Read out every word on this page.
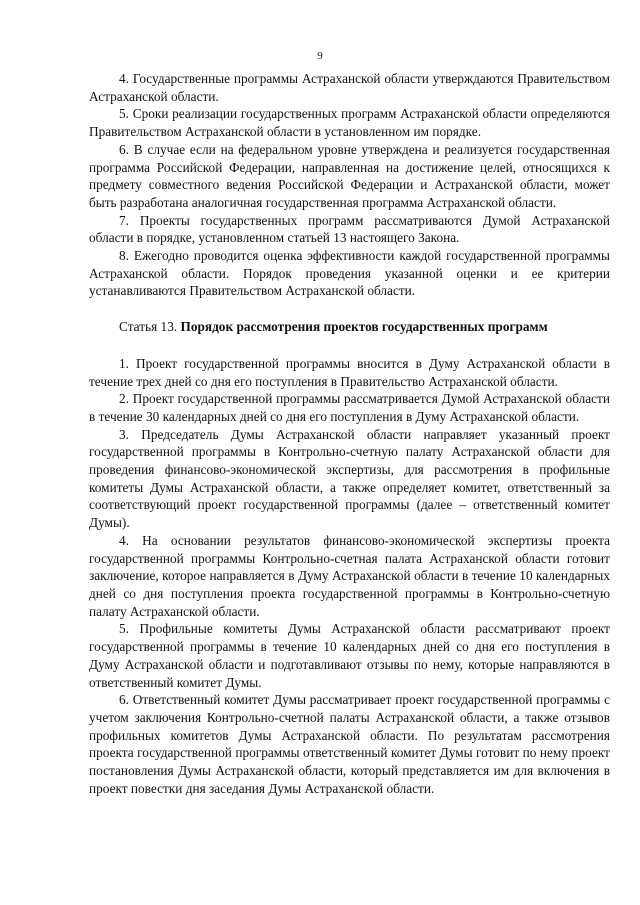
9

4. Государственные программы Астраханской области утверждаются Правительством Астраханской области.

5. Сроки реализации государственных программ Астраханской области определяются Правительством Астраханской области в установленном им порядке.

6. В случае если на федеральном уровне утверждена и реализуется государственная программа Российской Федерации, направленная на достижение целей, относящихся к предмету совместного ведения Российской Федерации и Астраханской области, может быть разработана аналогичная государственная программа Астраханской области.

7. Проекты государственных программ рассматриваются Думой Астраханской области в порядке, установленном статьей 13 настоящего Закона.

8. Ежегодно проводится оценка эффективности каждой государственной программы Астраханской области. Порядок проведения указанной оценки и ее критерии устанавливаются Правительством Астраханской области.

Статья 13. Порядок рассмотрения проектов государственных программ

1. Проект государственной программы вносится в Думу Астраханской области в течение трех дней со дня его поступления в Правительство Астраханской области.

2. Проект государственной программы рассматривается Думой Астраханской области в течение 30 календарных дней со дня его поступления в Думу Астраханской области.

3. Председатель Думы Астраханской области направляет указанный проект государственной программы в Контрольно-счетную палату Астраханской области для проведения финансово-экономической экспертизы, для рассмотрения в профильные комитеты Думы Астраханской области, а также определяет комитет, ответственный за соответствующий проект государственной программы (далее – ответственный комитет Думы).

4. На основании результатов финансово-экономической экспертизы проекта государственной программы Контрольно-счетная палата Астраханской области готовит заключение, которое направляется в Думу Астраханской области в течение 10 календарных дней со дня поступления проекта государственной программы в Контрольно-счетную палату Астраханской области.

5. Профильные комитеты Думы Астраханской области рассматривают проект государственной программы в течение 10 календарных дней со дня его поступления в Думу Астраханской области и подготавливают отзывы по нему, которые направляются в ответственный комитет Думы.

6. Ответственный комитет Думы рассматривает проект государственной программы с учетом заключения Контрольно-счетной палаты Астраханской области, а также отзывов профильных комитетов Думы Астраханской области. По результатам рассмотрения проекта государственной программы ответственный комитет Думы готовит по нему проект постановления Думы Астраханской области, который представляется им для включения в проект повестки дня заседания Думы Астраханской области.
